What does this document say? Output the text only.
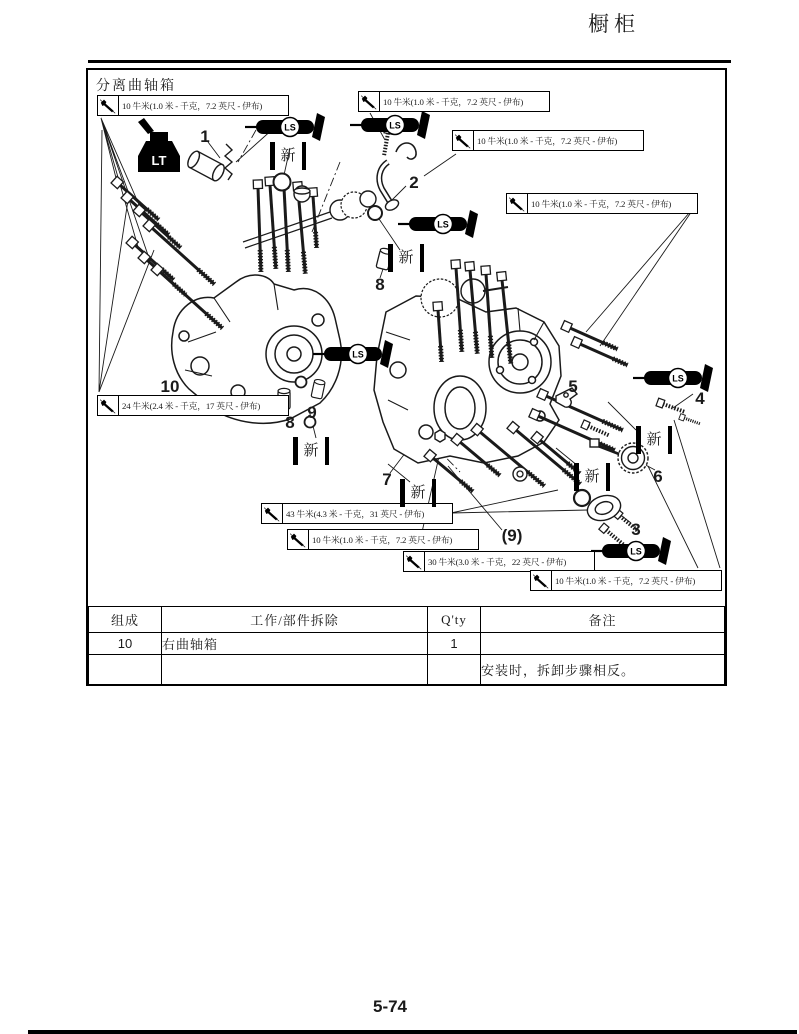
橱柜
分离曲轴箱
LT
LS	LS
LS
LS
LS
LS
10 牛米(1.0 米 - 千克，7.2 英尺 - 伊布)	10 牛米(1.0 米 - 千克，7.2 英尺 - 伊布)
10 牛米(1.0 米 - 千克，7.2 英尺 - 伊布)
10 牛米(1.0 米 - 千克，7.2 英尺 - 伊布)
24 牛米(2.4 米 - 千克，17 英尺 - 伊布)
43 牛米(4.3 米 - 千克，31 英尺 - 伊布)
10 牛米(1.0 米 - 千克，7.2 英尺 - 伊布)
30 牛米(3.0 米 - 千克，22 英尺 - 伊布)
10 牛米(1.0 米 - 千克，7.2 英尺 - 伊布)
新
新
新
新
新
新
1
2
8
10
9
8
7
5
4
6
3
(9)
组成	工作/部件拆除	Q'ty	备注
10	右曲轴箱	1	
			安装时，拆卸步骤相反。
5-74
